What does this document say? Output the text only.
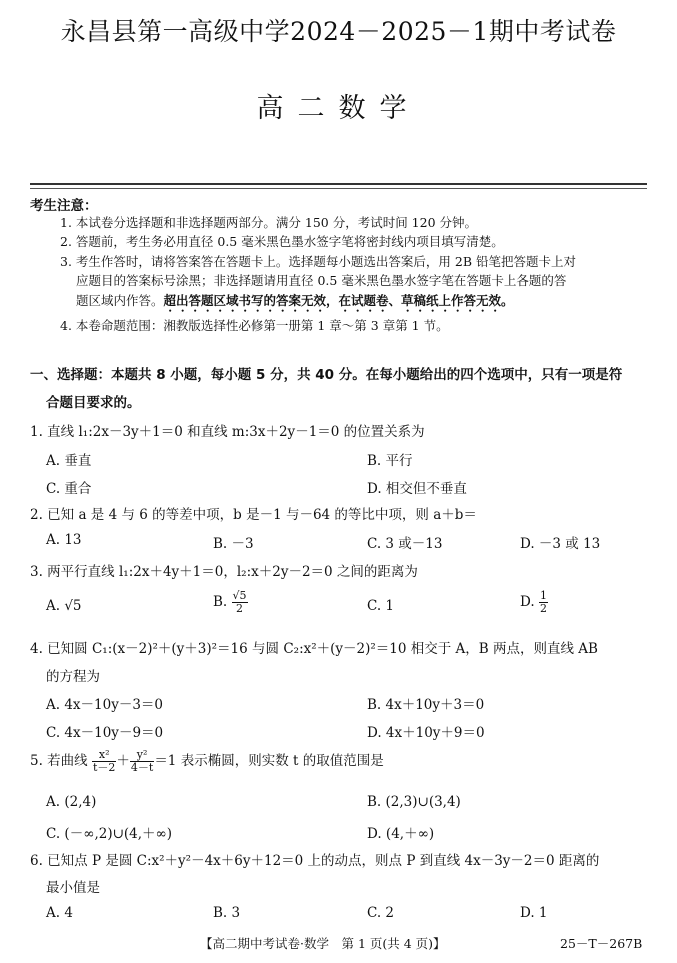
永昌县第一高级中学2024－2025－1期中考试卷
高二数学
考生注意：
1. 本试卷分选择题和非选择题两部分。满分 150 分，考试时间 120 分钟。
2. 答题前，考生务必用直径 0.5 毫米黑色墨水签字笔将密封线内项目填写清楚。
3. 考生作答时，请将答案答在答题卡上。选择题每小题选出答案后，用 2B 铅笔把答题卡上对
应题目的答案标号涂黑；非选择题请用直径 0.5 毫米黑色墨水签字笔在答题卡上各题的答
题区域内作答。超出答题区域书写的答案无效，在试题卷、草稿纸上作答无效。
4. 本卷命题范围：湘教版选择性必修第一册第 1 章～第 3 章第 1 节。
一、选择题：本题共 8 小题，每小题 5 分，共 40 分。在每小题给出的四个选项中，只有一项是符
合题目要求的。
1. 直线 l₁:2x－3y＋1＝0 和直线 m:3x＋2y－1＝0 的位置关系为
A. 垂直	B. 平行
C. 重合	D. 相交但不垂直
2. 已知 a 是 4 与 6 的等差中项，b 是－1 与－64 的等比中项，则 a＋b＝
A. 13	B. －3	C. 3 或－13	D. －3 或 13
3. 两平行直线 l₁:2x＋4y＋1＝0，l₂:x＋2y－2＝0 之间的距离为
A. √5	B. $\frac{√5}{2}$	C. 1	D. $\frac{1}{2}$
4. 已知圆 C₁:(x－2)²＋(y＋3)²＝16 与圆 C₂:x²＋(y－2)²＝10 相交于 A，B 两点，则直线 AB
的方程为
A. 4x－10y－3＝0	B. 4x＋10y＋3＝0
C. 4x－10y－9＝0	D. 4x＋10y＋9＝0
5. 若曲线 $\frac{\text{x²}}{t-2} + \frac{\text{y²}}{4-t} =1$ 表示椭圆，则实数 t 的取值范围是
A. (2,4)	B. (2,3)∪(3,4)
C. (－∞,2)∪(4,＋∞)	D. (4,＋∞)
6. 已知点 P 是圆 C:x²＋y²－4x＋6y＋12＝0 上的动点，则点 P 到直线 4x－3y－2＝0 距离的
最小值是
A. 4	B. 3	C. 2	D. 1
【高二期中考试卷·数学　第 1 页(共 4 页)】	25－T－267B
